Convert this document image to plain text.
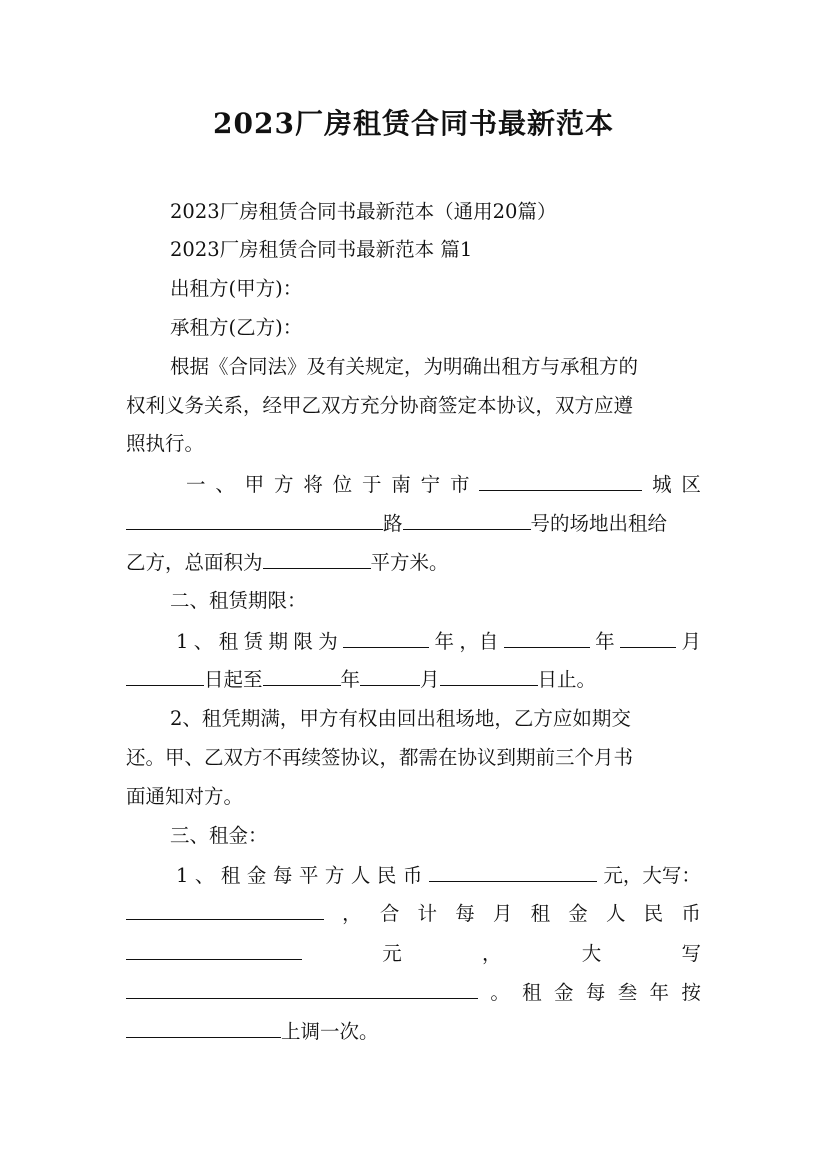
2023厂房租赁合同书最新范本
2023厂房租赁合同书最新范本（通用20篇）
2023厂房租赁合同书最新范本 篇1
出租方(甲方)：
承租方(乙方)：
根据《合同法》及有关规定，为明确出租方与承租方的
权利义务关系，经甲乙双方充分协商签定本协议，双方应遵
照执行。
一 、 甲 方 将 位 于 南 宁 市	城 区
路	号的场地出租给
乙方，总面积为	平方米。
二、租赁期限：
1 、 租 赁 期 限 为	年 ，自	年	月
日起至	年	月	日止。
2、租凭期满，甲方有权由回出租场地，乙方应如期交
还。甲、乙双方不再续签协议，都需在协议到期前三个月书
面通知对方。
三、租金：
1 、 租 金 每 平 方 人 民 币	元，大写：
， 合 计 每 月 租 金 人 民 币
元	，	大	写
。 租 金 每 叁 年 按
上调一次。
